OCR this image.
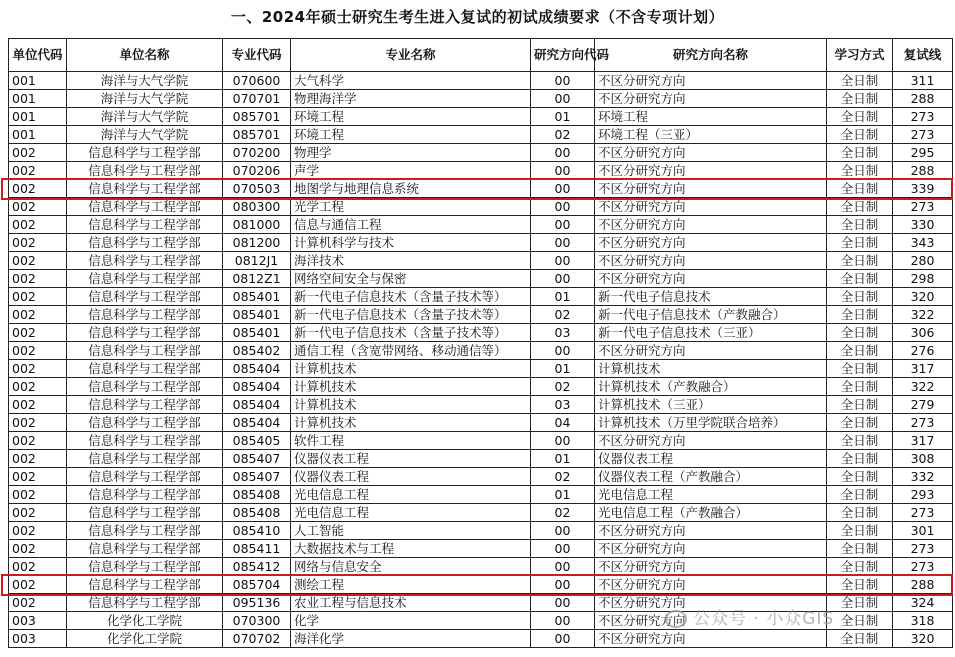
一、2024年硕士研究生考生进入复试的初试成绩要求（不含专项计划）
单位代码	单位名称	专业代码	专业名称	研究方向代码	研究方向名称	学习方式	复试线
001	海洋与大气学院	070600	大气科学	00	不区分研究方向	全日制	311
001	海洋与大气学院	070701	物理海洋学	00	不区分研究方向	全日制	288
001	海洋与大气学院	085701	环境工程	01	环境工程	全日制	273
001	海洋与大气学院	085701	环境工程	02	环境工程（三亚）	全日制	273
002	信息科学与工程学部	070200	物理学	00	不区分研究方向	全日制	295
002	信息科学与工程学部	070206	声学	00	不区分研究方向	全日制	288
002	信息科学与工程学部	070503	地图学与地理信息系统	00	不区分研究方向	全日制	339
002	信息科学与工程学部	080300	光学工程	00	不区分研究方向	全日制	273
002	信息科学与工程学部	081000	信息与通信工程	00	不区分研究方向	全日制	330
002	信息科学与工程学部	081200	计算机科学与技术	00	不区分研究方向	全日制	343
002	信息科学与工程学部	0812J1	海洋技术	00	不区分研究方向	全日制	280
002	信息科学与工程学部	0812Z1	网络空间安全与保密	00	不区分研究方向	全日制	298
002	信息科学与工程学部	085401	新一代电子信息技术（含量子技术等）	01	新一代电子信息技术	全日制	320
002	信息科学与工程学部	085401	新一代电子信息技术（含量子技术等）	02	新一代电子信息技术（产教融合）	全日制	322
002	信息科学与工程学部	085401	新一代电子信息技术（含量子技术等）	03	新一代电子信息技术（三亚）	全日制	306
002	信息科学与工程学部	085402	通信工程（含宽带网络、移动通信等）	00	不区分研究方向	全日制	276
002	信息科学与工程学部	085404	计算机技术	01	计算机技术	全日制	317
002	信息科学与工程学部	085404	计算机技术	02	计算机技术（产教融合）	全日制	322
002	信息科学与工程学部	085404	计算机技术	03	计算机技术（三亚）	全日制	279
002	信息科学与工程学部	085404	计算机技术	04	计算机技术（万里学院联合培养）	全日制	273
002	信息科学与工程学部	085405	软件工程	00	不区分研究方向	全日制	317
002	信息科学与工程学部	085407	仪器仪表工程	01	仪器仪表工程	全日制	308
002	信息科学与工程学部	085407	仪器仪表工程	02	仪器仪表工程（产教融合）	全日制	332
002	信息科学与工程学部	085408	光电信息工程	01	光电信息工程	全日制	293
002	信息科学与工程学部	085408	光电信息工程	02	光电信息工程（产教融合）	全日制	273
002	信息科学与工程学部	085410	人工智能	00	不区分研究方向	全日制	301
002	信息科学与工程学部	085411	大数据技术与工程	00	不区分研究方向	全日制	273
002	信息科学与工程学部	085412	网络与信息安全	00	不区分研究方向	全日制	273
002	信息科学与工程学部	085704	测绘工程	00	不区分研究方向	全日制	288
002	信息科学与工程学部	095136	农业工程与信息技术	00	不区分研究方向	全日制	324
003	化学化工学院	070300	化学	00	不区分研究方向	全日制	318
003	化学化工学院	070702	海洋化学	00	不区分研究方向	全日制	320
公众号 · 小众GIS
